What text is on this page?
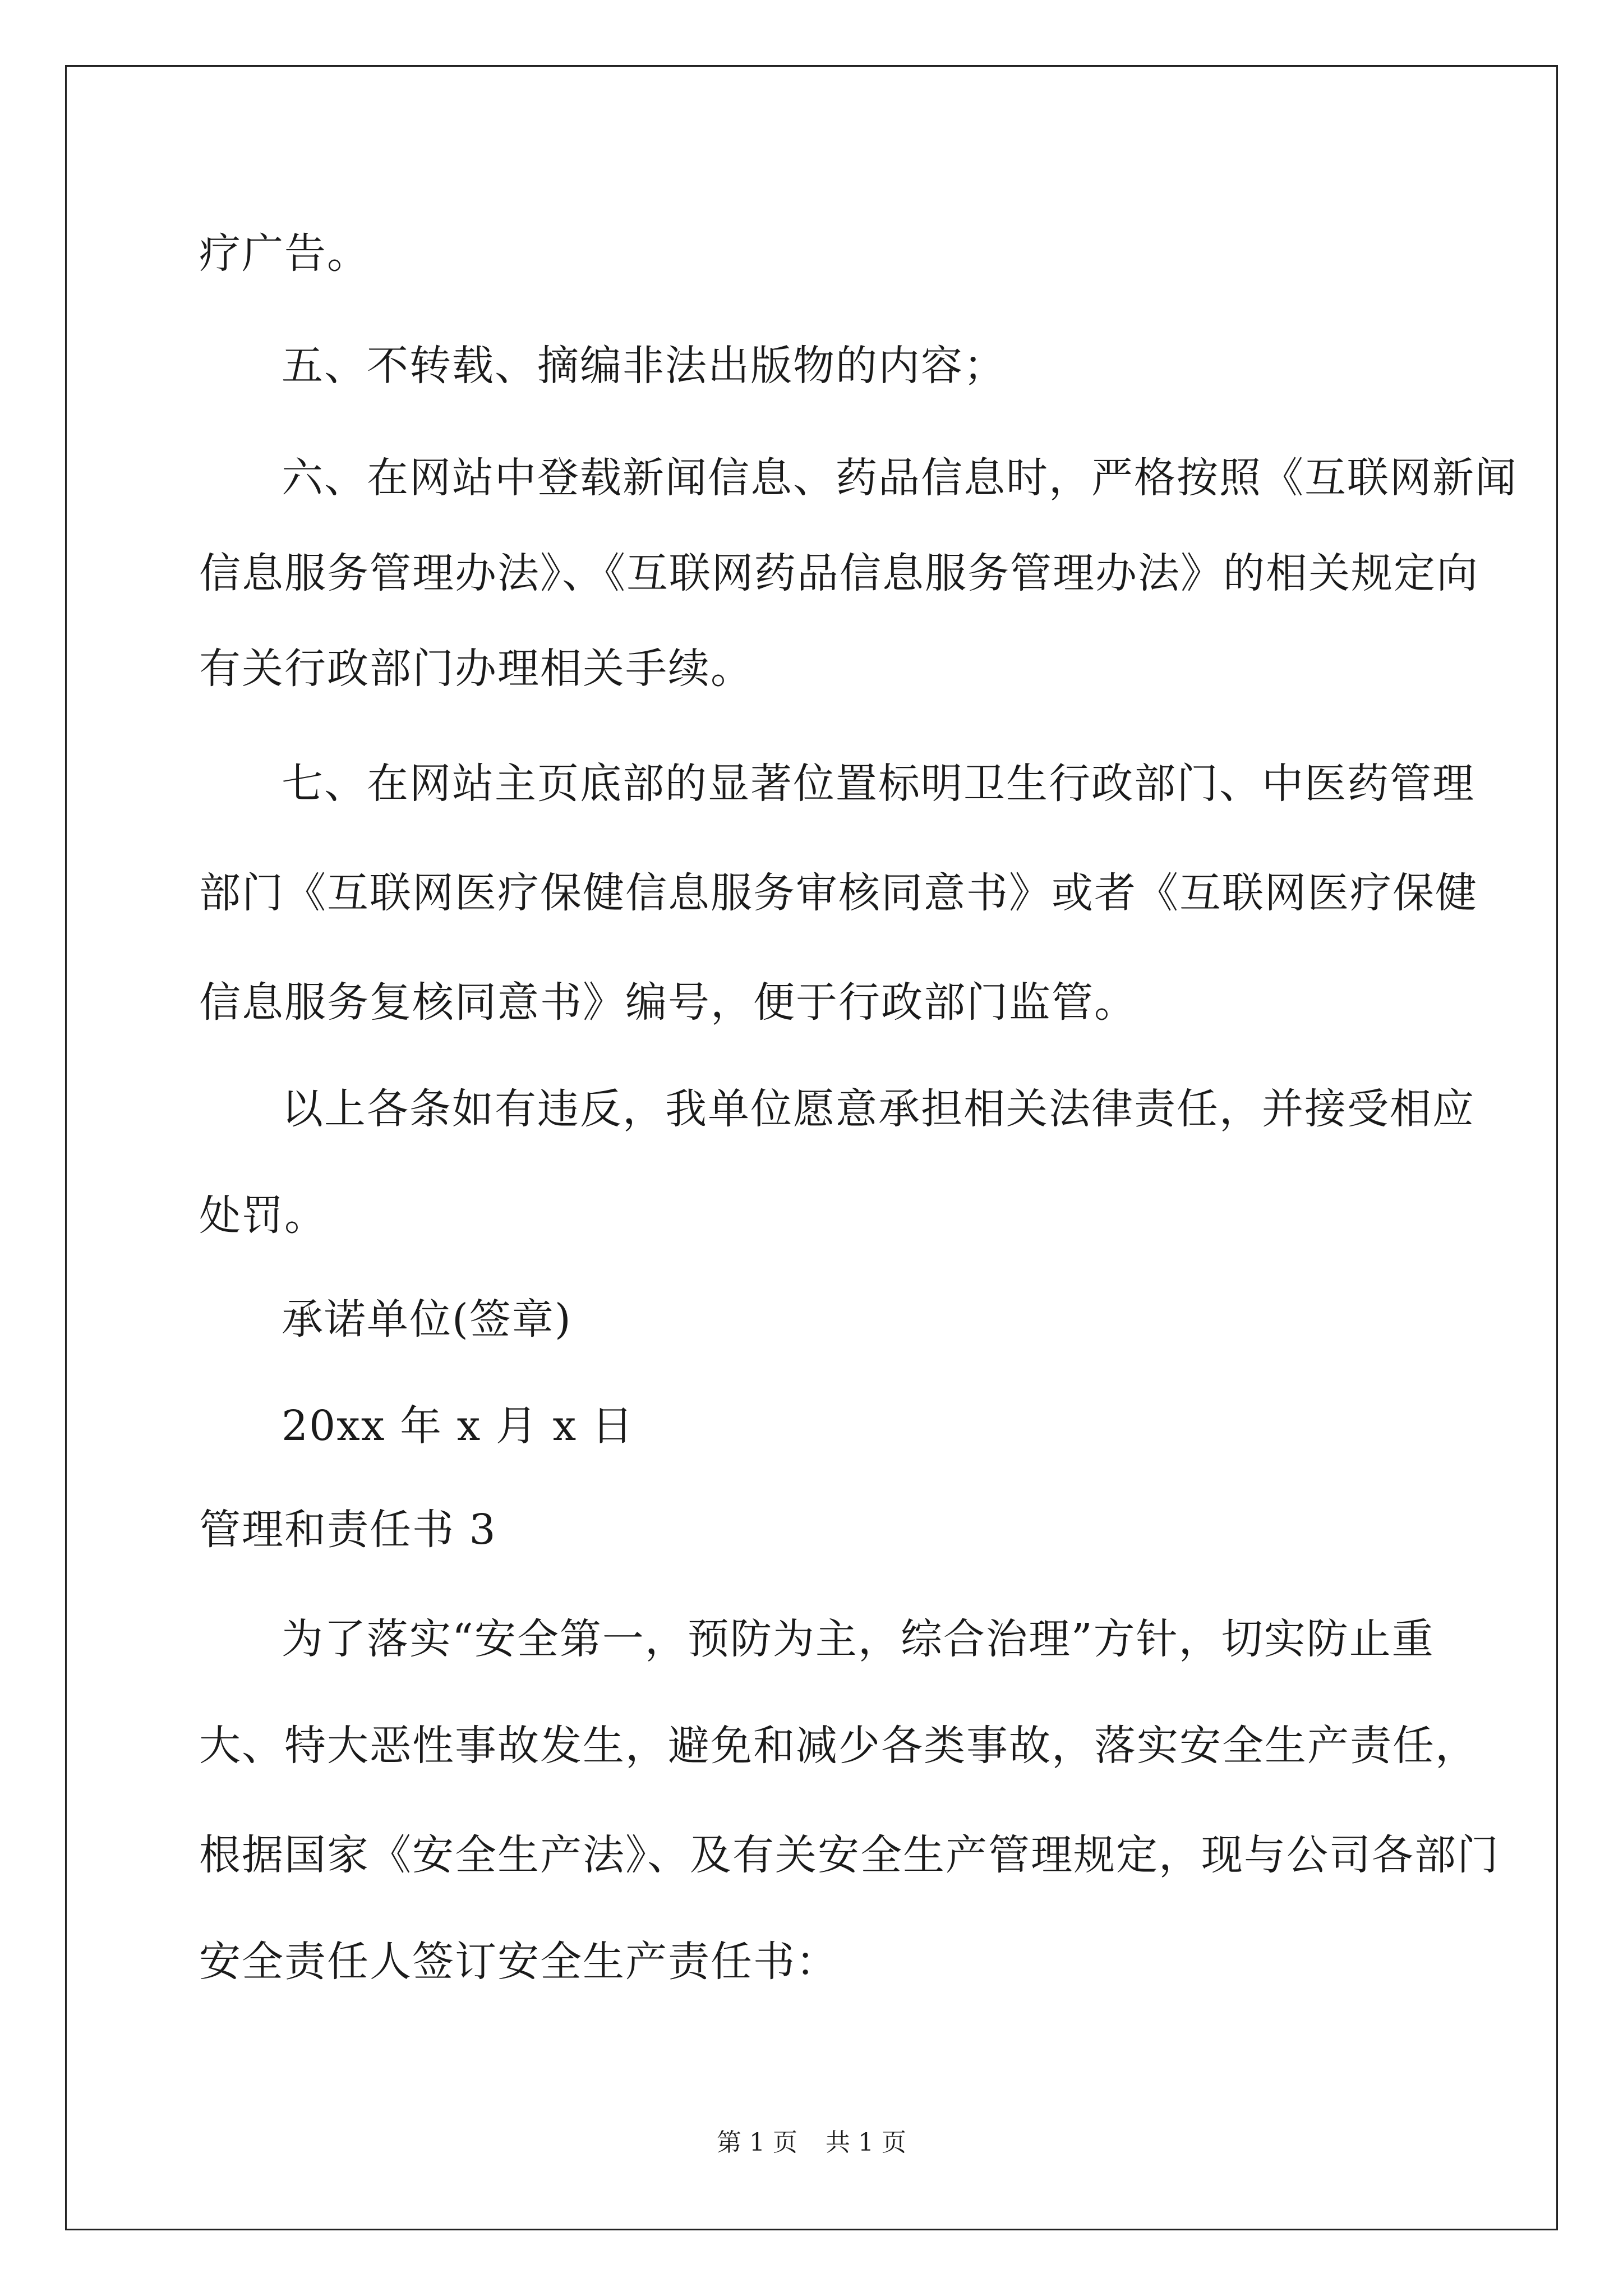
疗广告。
五、不转载、摘编非法出版物的内容；
六、在网站中登载新闻信息、药品信息时，严格按照《互联网新闻
信息服务管理办法》、《互联网药品信息服务管理办法》的相关规定向
有关行政部门办理相关手续。
七、在网站主页底部的显著位置标明卫生行政部门、中医药管理
部门《互联网医疗保健信息服务审核同意书》或者《互联网医疗保健
信息服务复核同意书》编号，便于行政部门监管。
以上各条如有违反，我单位愿意承担相关法律责任，并接受相应
处罚。
承诺单位(签章)
20xx 年 x 月 x 日
管理和责任书 3
为了落实“安全第一，预防为主，综合治理”方针，切实防止重
大、特大恶性事故发生，避免和减少各类事故，落实安全生产责任，
根据国家《安全生产法》、及有关安全生产管理规定，现与公司各部门
安全责任人签订安全生产责任书：
第 1 页 共 1 页
